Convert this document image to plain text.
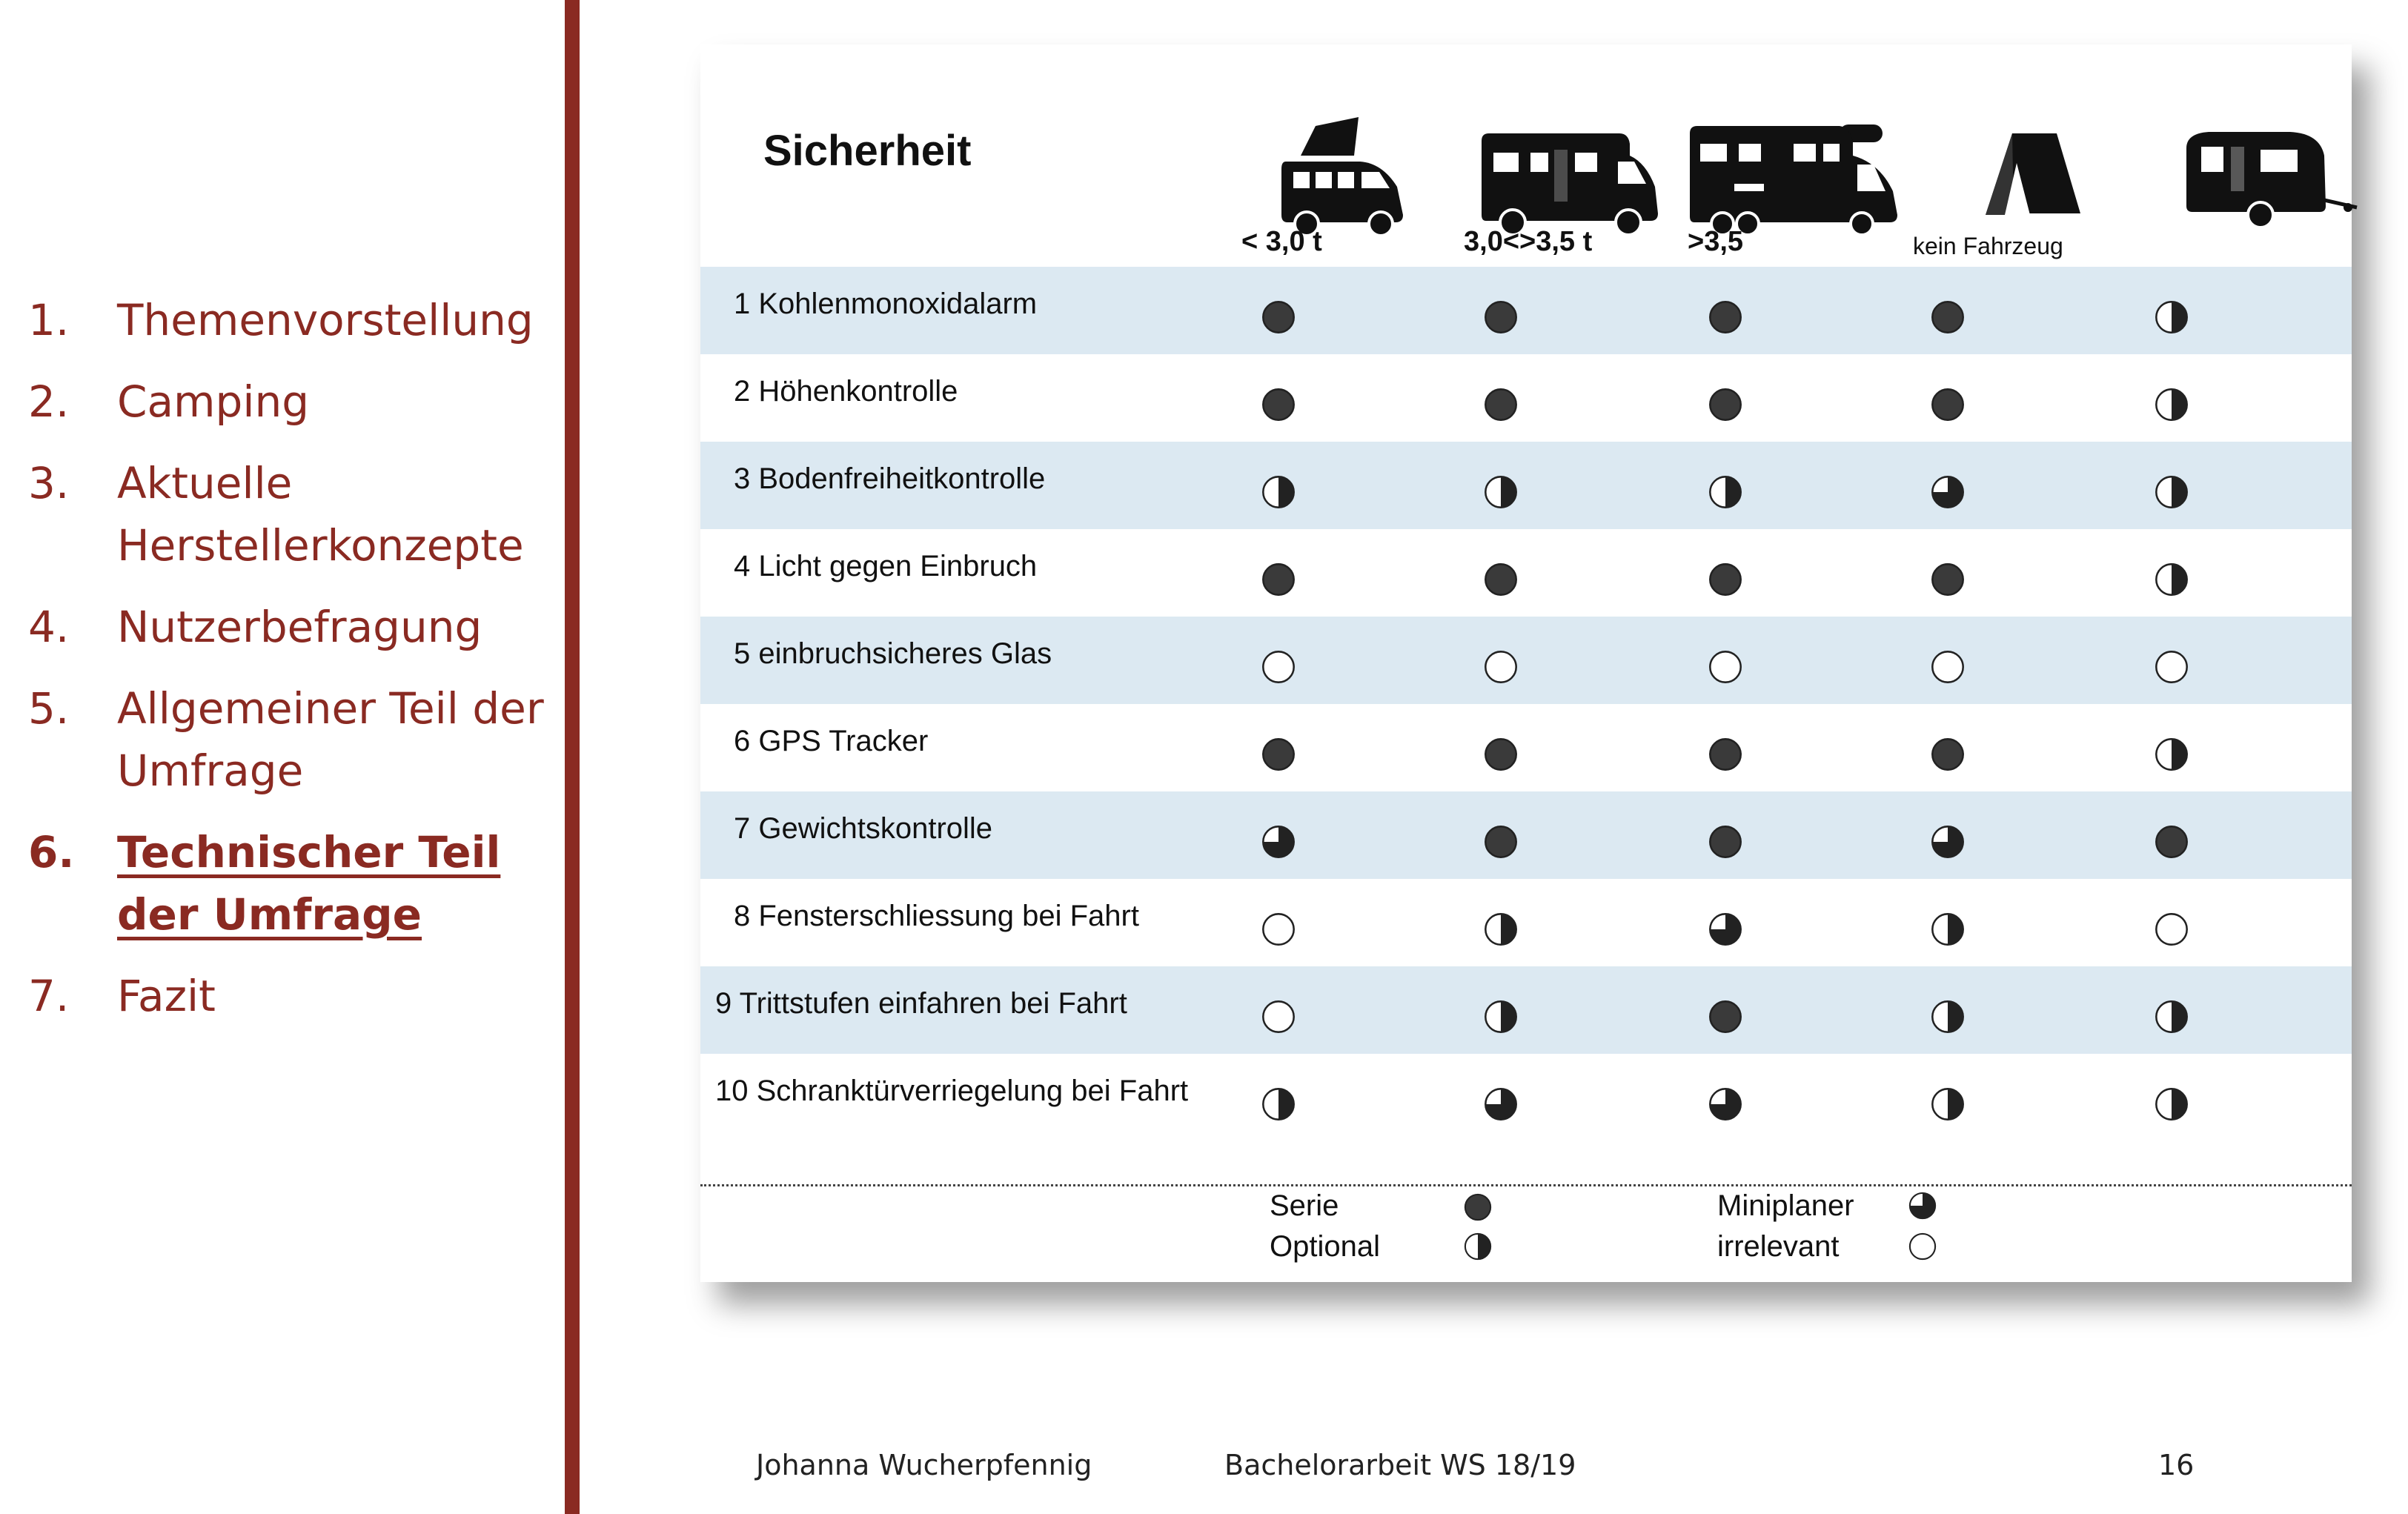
1.	Themenvorstellung
2.	Camping
3.	Aktuelle Herstellerkonzepte
4.	Nutzerbefragung
5.	Allgemeiner Teil der Umfrage
6. Technischer Teil der Umfrage
7.	Fazit
Sicherheit
< 3,0 t	3,0<>3,5 t	>3,5	kein Fahrzeug
1 Kohlenmonoxidalarm
2 Höhenkontrolle
3 Bodenfreiheitkontrolle
4 Licht gegen Einbruch
5 einbruchsicheres Glas
6 GPS Tracker
7 Gewichtskontrolle
8 Fensterschliessung bei Fahrt
9 Trittstufen einfahren bei Fahrt
10 Schranktürverriegelung bei Fahrt
Serie
Optional
Miniplaner
irrelevant
Johanna Wucherpfennig	Bachelorarbeit WS 18/19	16
